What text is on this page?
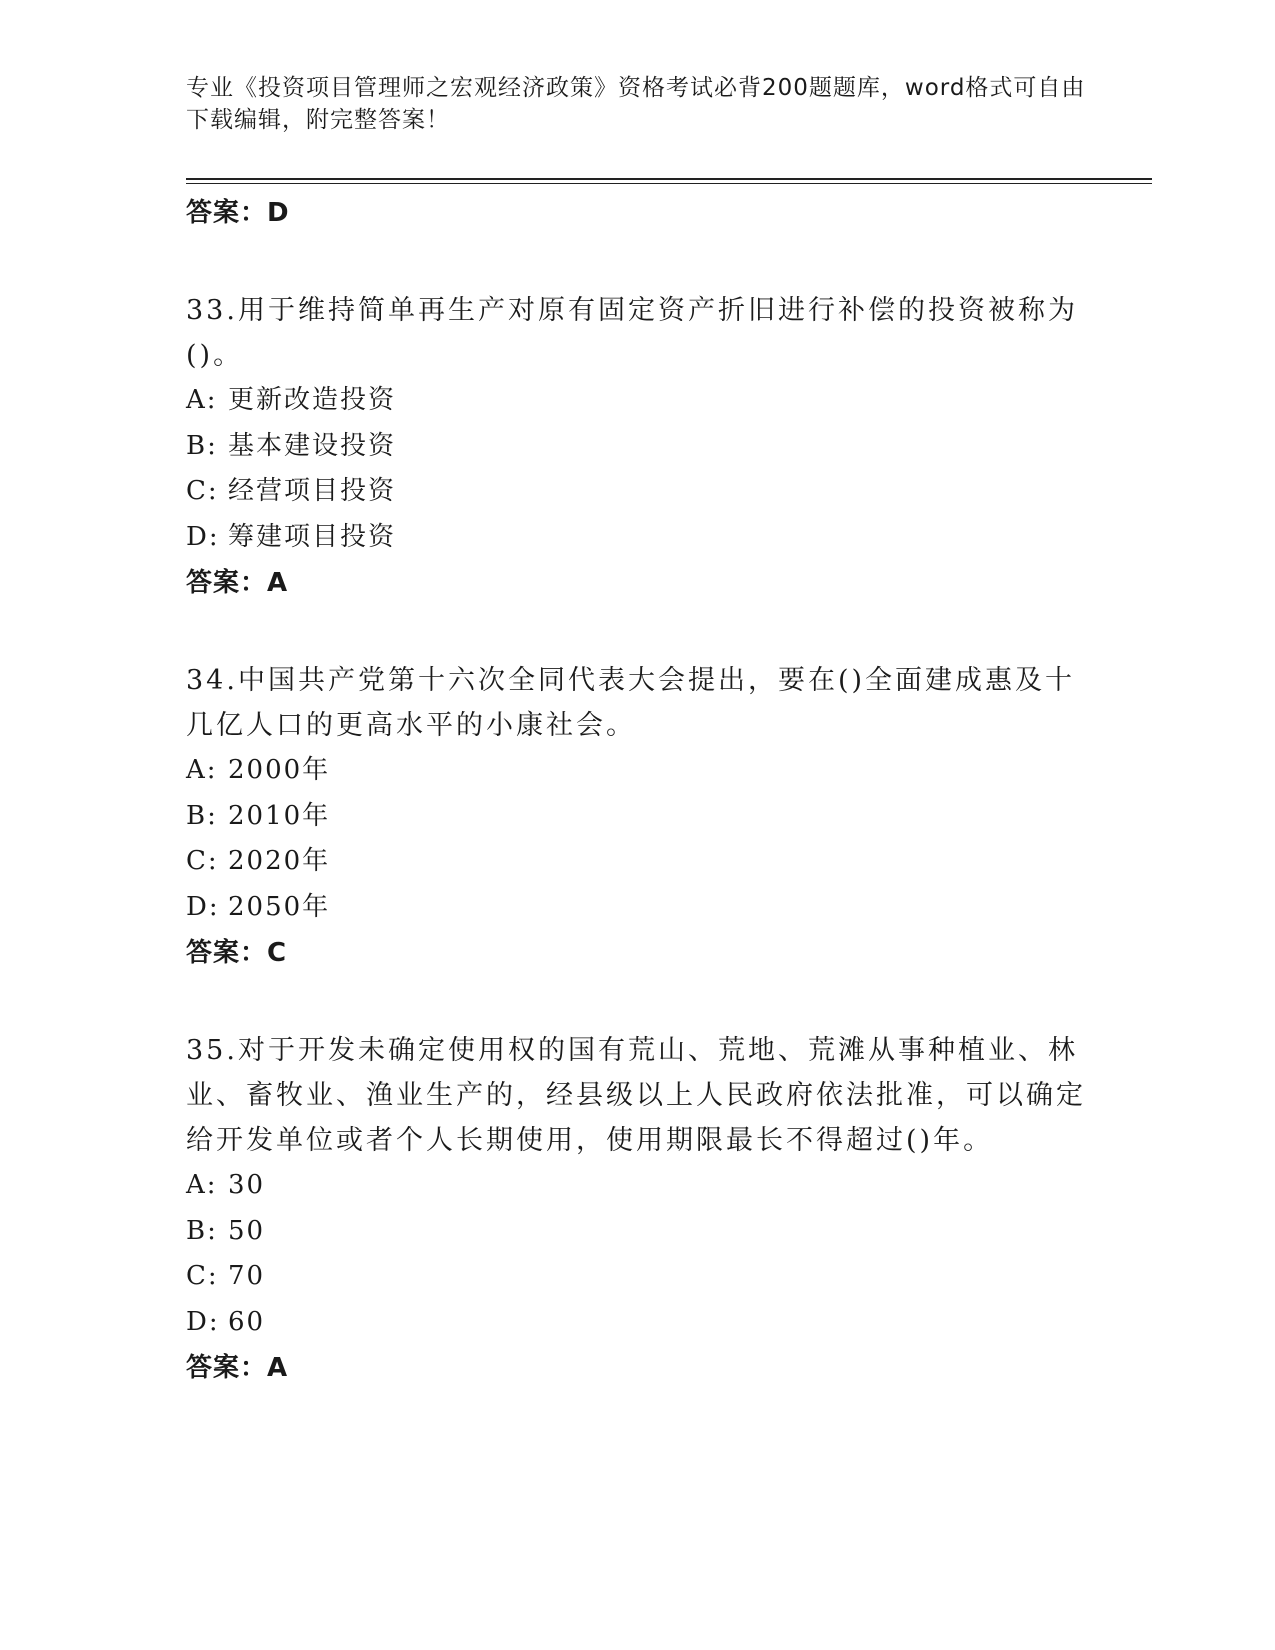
专业《投资项目管理师之宏观经济政策》资格考试必背200题题库，word格式可自由下载编辑，附完整答案！
答案：D
33.用于维持简单再生产对原有固定资产折旧进行补偿的投资被称为()。
A: 更新改造投资
B: 基本建设投资
C: 经营项目投资
D: 筹建项目投资
答案：A
34.中国共产党第十六次全同代表大会提出，要在()全面建成惠及十几亿人口的更高水平的小康社会。
A: 2000年
B: 2010年
C: 2020年
D: 2050年
答案：C
35.对于开发未确定使用权的国有荒山、荒地、荒滩从事种植业、林业、畜牧业、渔业生产的，经县级以上人民政府依法批准，可以确定给开发单位或者个人长期使用，使用期限最长不得超过()年。
A: 30
B: 50
C: 70
D: 60
答案：A
